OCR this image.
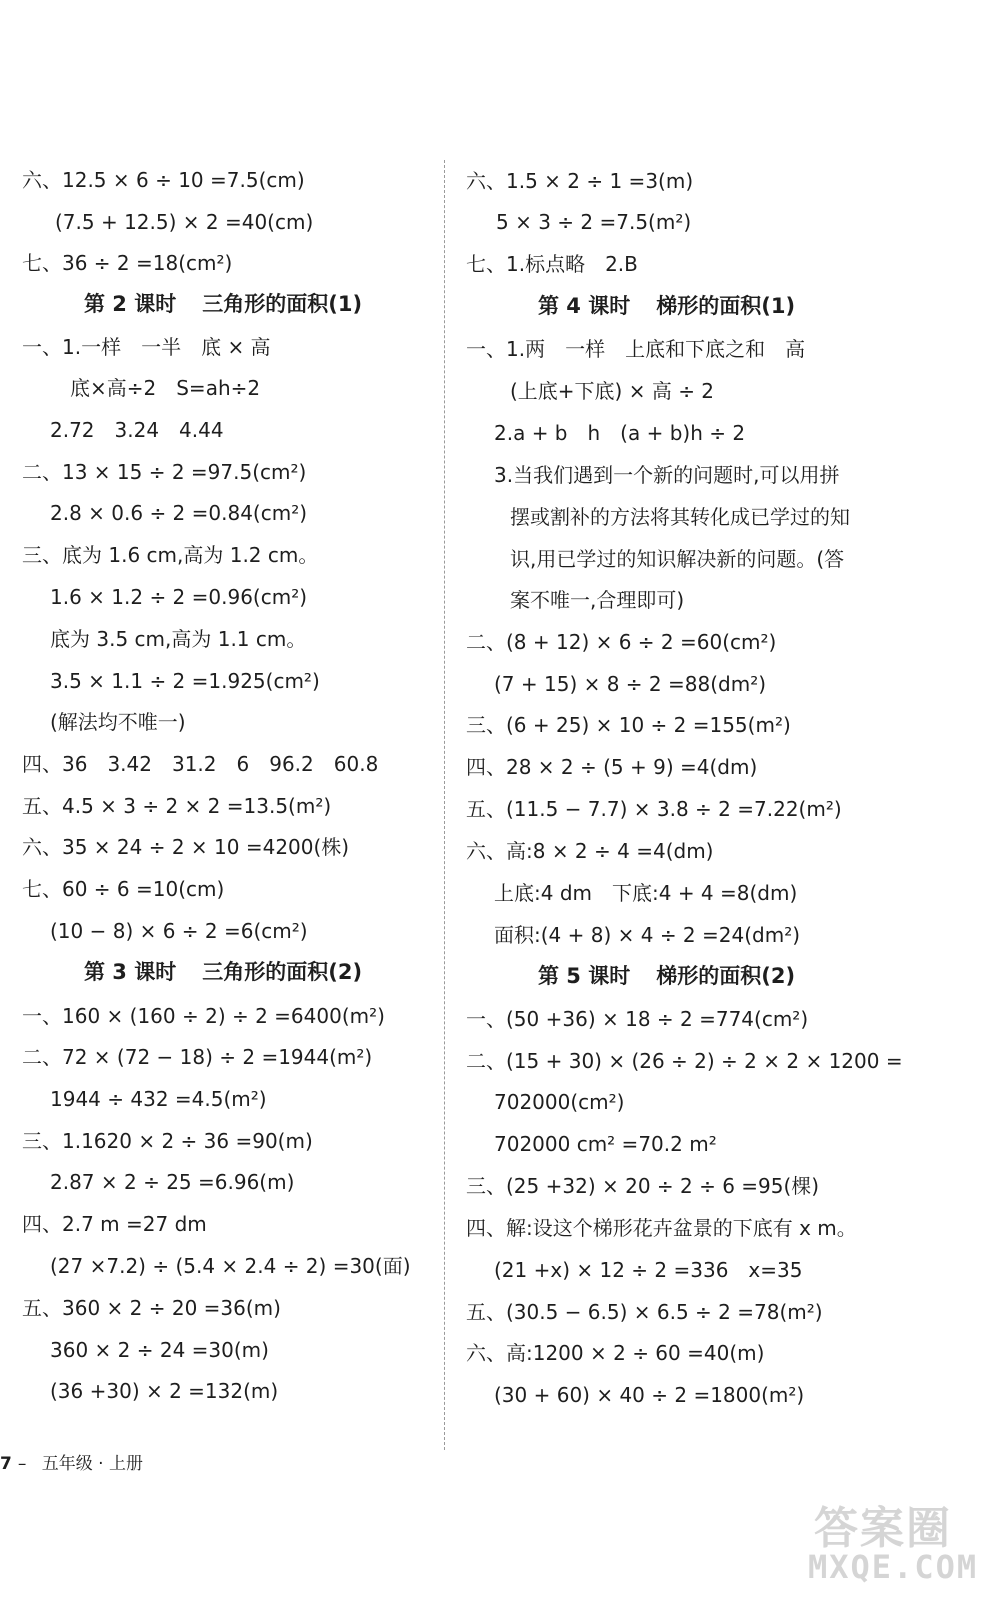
六、12.5 × 6 ÷ 10 =7.5(cm)
(7.5 + 12.5) × 2 =40(cm)
七、36 ÷ 2 =18(cm²)
第 2 课时 三角形的面积(1)
一、1.一样　一半　底 × 高
底×高÷2　S=ah÷2
2.72　3.24　4.44
二、13 × 15 ÷ 2 =97.5(cm²)
2.8 × 0.6 ÷ 2 =0.84(cm²)
三、底为 1.6 cm,高为 1.2 cm。
1.6 × 1.2 ÷ 2 =0.96(cm²)
底为 3.5 cm,高为 1.1 cm。
3.5 × 1.1 ÷ 2 =1.925(cm²)
(解法均不唯一)
四、36　3.42　31.2　6　96.2　60.8
五、4.5 × 3 ÷ 2 × 2 =13.5(m²)
六、35 × 24 ÷ 2 × 10 =4200(株)
七、60 ÷ 6 =10(cm)
(10 − 8) × 6 ÷ 2 =6(cm²)
第 3 课时 三角形的面积(2)
一、160 × (160 ÷ 2) ÷ 2 =6400(m²)
二、72 × (72 − 18) ÷ 2 =1944(m²)
1944 ÷ 432 =4.5(m²)
三、1.1620 × 2 ÷ 36 =90(m)
2.87 × 2 ÷ 25 =6.96(m)
四、2.7 m =27 dm
(27 ×7.2) ÷ (5.4 × 2.4 ÷ 2) =30(面)
五、360 × 2 ÷ 20 =36(m)
360 × 2 ÷ 24 =30(m)
(36 +30) × 2 =132(m)
六、1.5 × 2 ÷ 1 =3(m)
5 × 3 ÷ 2 =7.5(m²)
七、1.标点略　2.B
第 4 课时 梯形的面积(1)
一、1.两　一样　上底和下底之和　高
(上底+下底) × 高 ÷ 2
2.a + b　h　(a + b)h ÷ 2
3.当我们遇到一个新的问题时,可以用拼
摆或割补的方法将其转化成已学过的知
识,用已学过的知识解决新的问题。(答
案不唯一,合理即可)
二、(8 + 12) × 6 ÷ 2 =60(cm²)
(7 + 15) × 8 ÷ 2 =88(dm²)
三、(6 + 25) × 10 ÷ 2 =155(m²)
四、28 × 2 ÷ (5 + 9) =4(dm)
五、(11.5 − 7.7) × 3.8 ÷ 2 =7.22(m²)
六、高:8 × 2 ÷ 4 =4(dm)
上底:4 dm　下底:4 + 4 =8(dm)
面积:(4 + 8) × 4 ÷ 2 =24(dm²)
第 5 课时 梯形的面积(2)
一、(50 +36) × 18 ÷ 2 =774(cm²)
二、(15 + 30) × (26 ÷ 2) ÷ 2 × 2 × 1200 =
702000(cm²)
702000 cm² =70.2 m²
三、(25 +32) × 20 ÷ 2 ÷ 6 =95(棵)
四、解:设这个梯形花卉盆景的下底有 x m。
(21 +x) × 12 ÷ 2 =336　x=35
五、(30.5 − 6.5) × 6.5 ÷ 2 =78(m²)
六、高:1200 × 2 ÷ 60 =40(m)
(30 + 60) × 40 ÷ 2 =1800(m²)
7 – 五年级 · 上册
答案圈
MXQE.COM
